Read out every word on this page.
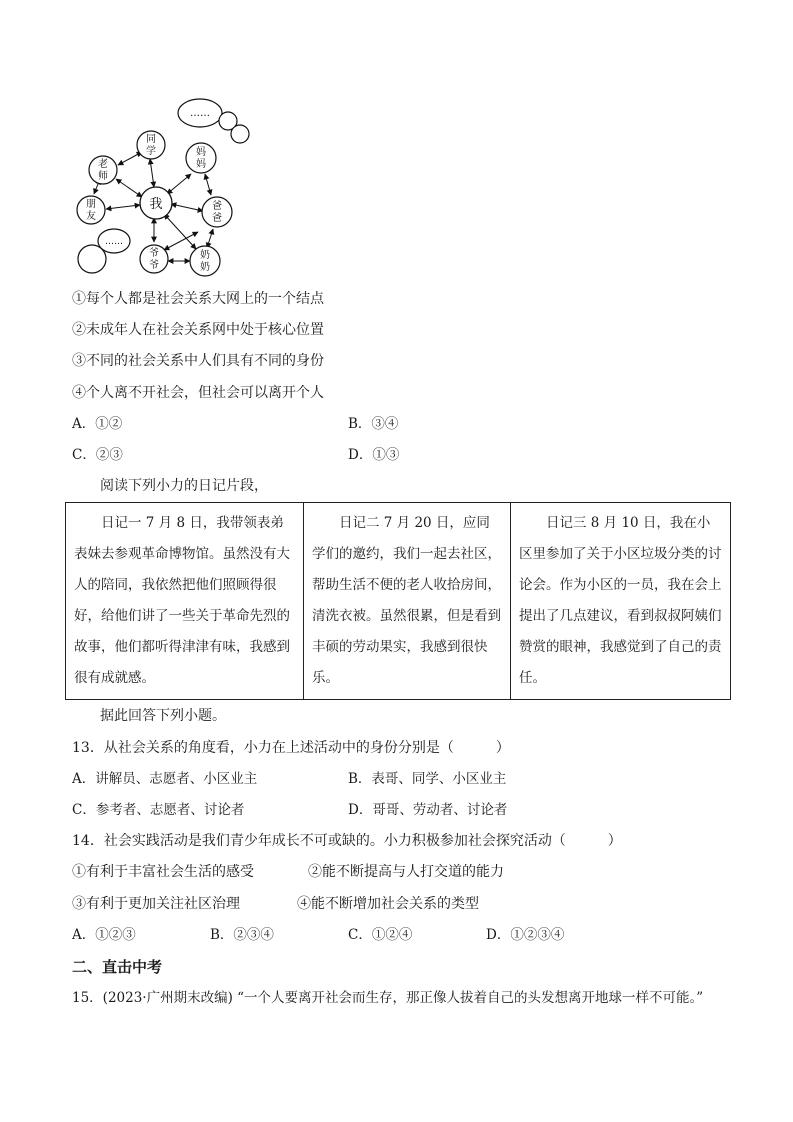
……
……
同
学	妈
妈
老
师
我
朋
友
爸
爸
爷
爷
奶
奶
①每个人都是社会关系大网上的一个结点
②未成年人在社会关系网中处于核心位置
③不同的社会关系中人们具有不同的身份
④个人离不开社会，但社会可以离开个人
A．①②	B．③④
C．②③	D．①③
阅读下列小力的日记片段，
日记一 7 月 8 日，我带领表弟表妹去参观革命博物馆。虽然没有大人的陪同，我依然把他们照顾得很好，给他们讲了一些关于革命先烈的故事，他们都听得津津有味，我感到很有成就感。

日记二 7 月 20 日，应同学们的邀约，我们一起去社区，帮助生活不便的老人收拾房间，清洗衣被。虽然很累，但是看到丰硕的劳动果实，我感到很快乐。

日记三 8 月 10 日，我在小区里参加了关于小区垃圾分类的讨论会。作为小区的一员，我在会上提出了几点建议，看到叔叔阿姨们赞赏的眼神，我感觉到了自己的责任。
据此回答下列小题。
13．从社会关系的角度看，小力在上述活动中的身份分别是（　　　）
A．讲解员、志愿者、小区业主	B．表哥、同学、小区业主
C．参考者、志愿者、讨论者	D．哥哥、劳动者、讨论者
14．社会实践活动是我们青少年成长不可或缺的。小力积极参加社会探究活动（　　　）
①有利于丰富社会生活的感受	②能不断提高与人打交道的能力
③有利于更加关注社区治理	④能不断增加社会关系的类型
A．①②③	B．②③④	C．①②④	D．①②③④
二、直击中考
15．(2023·广州期末改编) “一个人要离开社会而生存，那正像人拔着自己的头发想离开地球一样不可能。”
